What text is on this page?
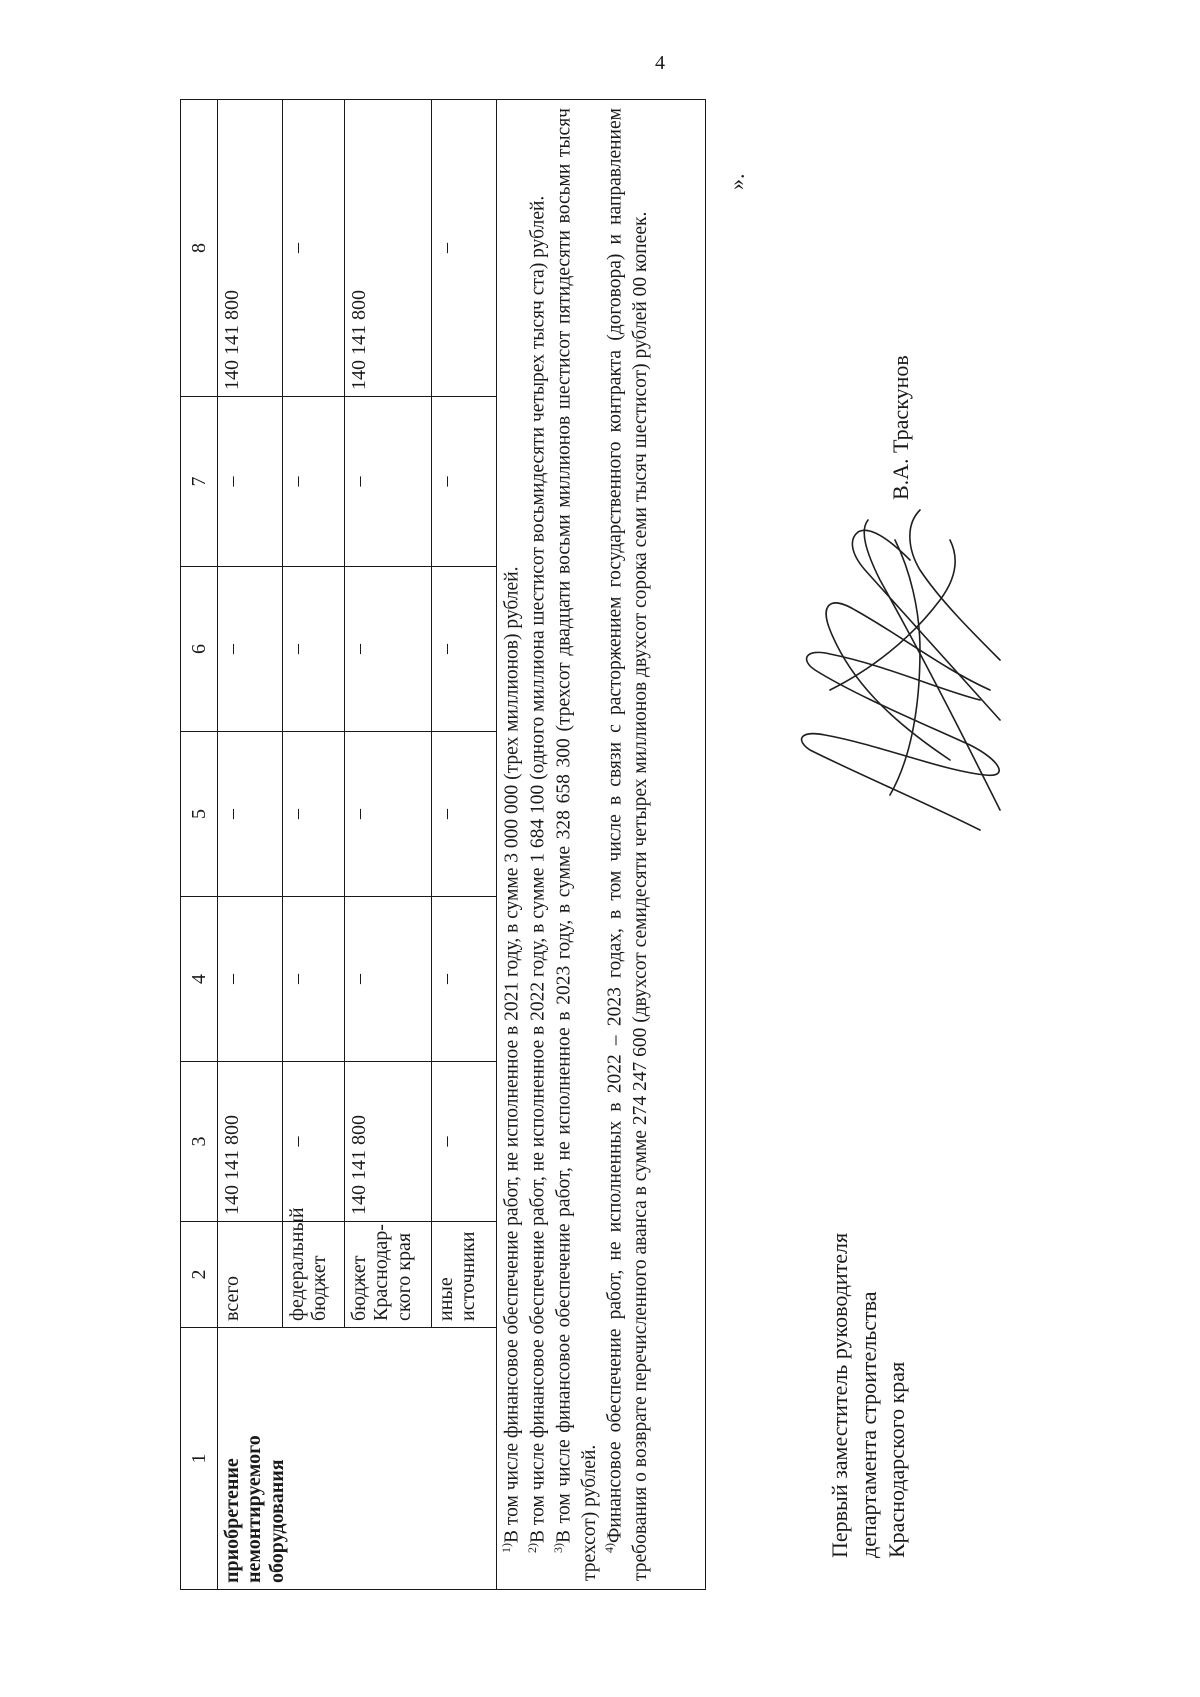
4
1	2	3	4	5	6	7	8
приобретение немонтируемого оборудования	всего	140 141 800	–	–	–	–	140 141 800
	федеральный бюджет	–	–	–	–	–	–
	бюджет Краснодар-ского края	140 141 800	–	–	–	–	140 141 800
	иные источники	–	–	–	–	–	–

$^{1)}$В том числе финансовое обеспечение работ, не исполненное в 2021 году, в сумме 3 000 000 (трех миллионов) рублей.

$^{2)}$В том числе финансовое обеспечение работ, не исполненное в 2022 году, в сумме 1 684 100 (одного миллиона шестисот восьмидесяти четырех тысяч ста) рублей.

$^{3)}$В том числе финансовое обеспечение работ, не исполненное в 2023 году, в сумме 328 658 300 (трехсот двадцати восьми миллионов шестисот пятидесяти восьми тысяч трехсот) рублей. $^{4)}$Финансовое обеспечение работ, не исполненных в 2022 – 2023 годах, в том числе в связи с расторжением государственного контракта (договора) и направлением требования о возврате перечисленного аванса в сумме 274 247 600 (двухсот семидесяти четырех миллионов двухсот сорока семи тысяч шестисот) рублей 00 копеек.							

».
Первый заместитель руководителя департамента строительства Краснодарского края
В.А. Траскунов
